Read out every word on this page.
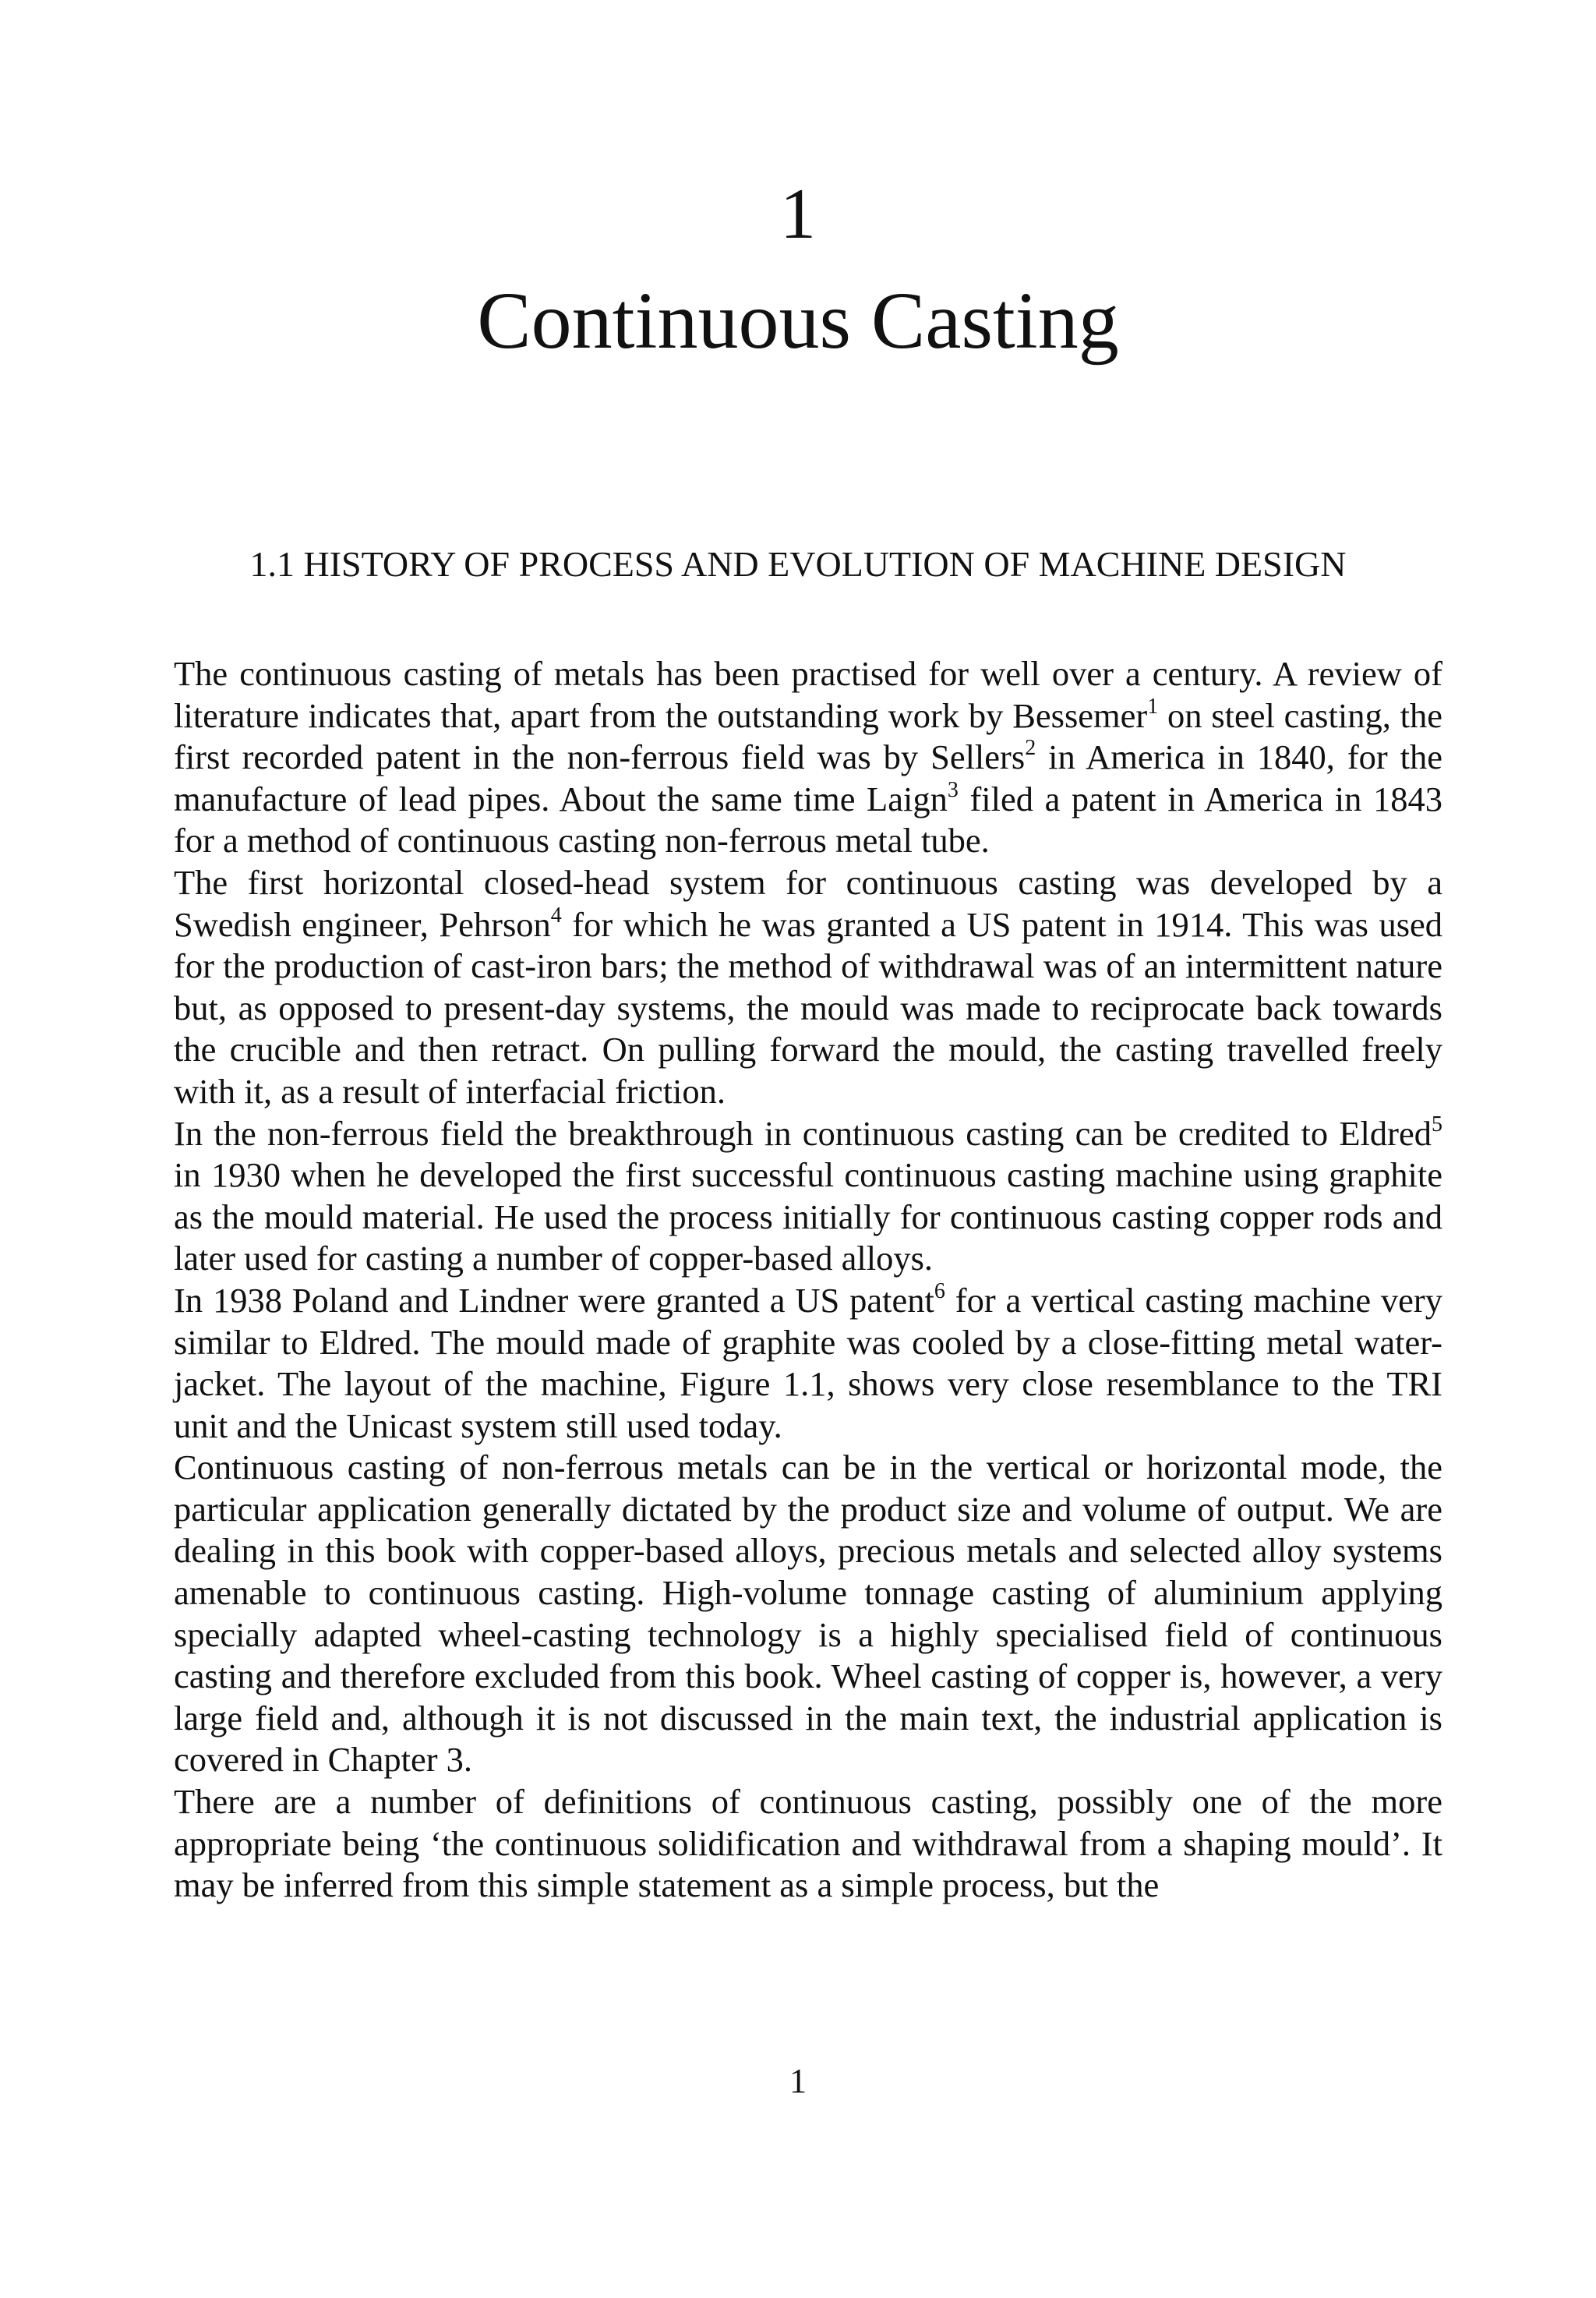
1
Continuous Casting
1.1 HISTORY OF PROCESS AND EVOLUTION OF MACHINE DESIGN

The continuous casting of metals has been practised for well over a century. A review of literature indicates that, apart from the outstanding work by Bessemer$^1$ on steel casting, the first recorded patent in the non-ferrous field was by Sellers$^2$ in America in 1840, for the manufacture of lead pipes. About the same time Laign$^3$ filed a patent in America in 1843 for a method of continuous casting non-ferrous metal tube.

The first horizontal closed-head system for continuous casting was developed by a Swedish engineer, Pehrson$^4$ for which he was granted a US patent in 1914. This was used for the production of cast-iron bars; the method of withdrawal was of an intermittent nature but, as opposed to present-day systems, the mould was made to reciprocate back towards the crucible and then retract. On pulling forward the mould, the casting travelled freely with it, as a result of interfacial friction.

In the non-ferrous field the breakthrough in continuous casting can be credited to Eldred$^5$ in 1930 when he developed the first successful continuous casting machine using graphite as the mould material. He used the process initially for continuous casting copper rods and later used for casting a number of copper-based alloys.

In 1938 Poland and Lindner were granted a US patent$^6$ for a vertical casting machine very similar to Eldred. The mould made of graphite was cooled by a close-fitting metal water-jacket. The layout of the machine, Figure 1.1, shows very close resemblance to the TRI unit and the Unicast system still used today.

Continuous casting of non-ferrous metals can be in the vertical or horizontal mode, the particular application generally dictated by the product size and volume of output. We are dealing in this book with copper-based alloys, precious metals and selected alloy systems amenable to continuous casting. High-volume tonnage casting of aluminium applying specially adapted wheel-casting technology is a highly specialised field of continuous casting and therefore excluded from this book. Wheel casting of copper is, however, a very large field and, although it is not discussed in the main text, the industrial application is covered in Chapter 3.

There are a number of definitions of continuous casting, possibly one of the more appropriate being ‘the continuous solidification and withdrawal from a shaping mould’. It may be inferred from this simple statement as a simple process, but the

1
